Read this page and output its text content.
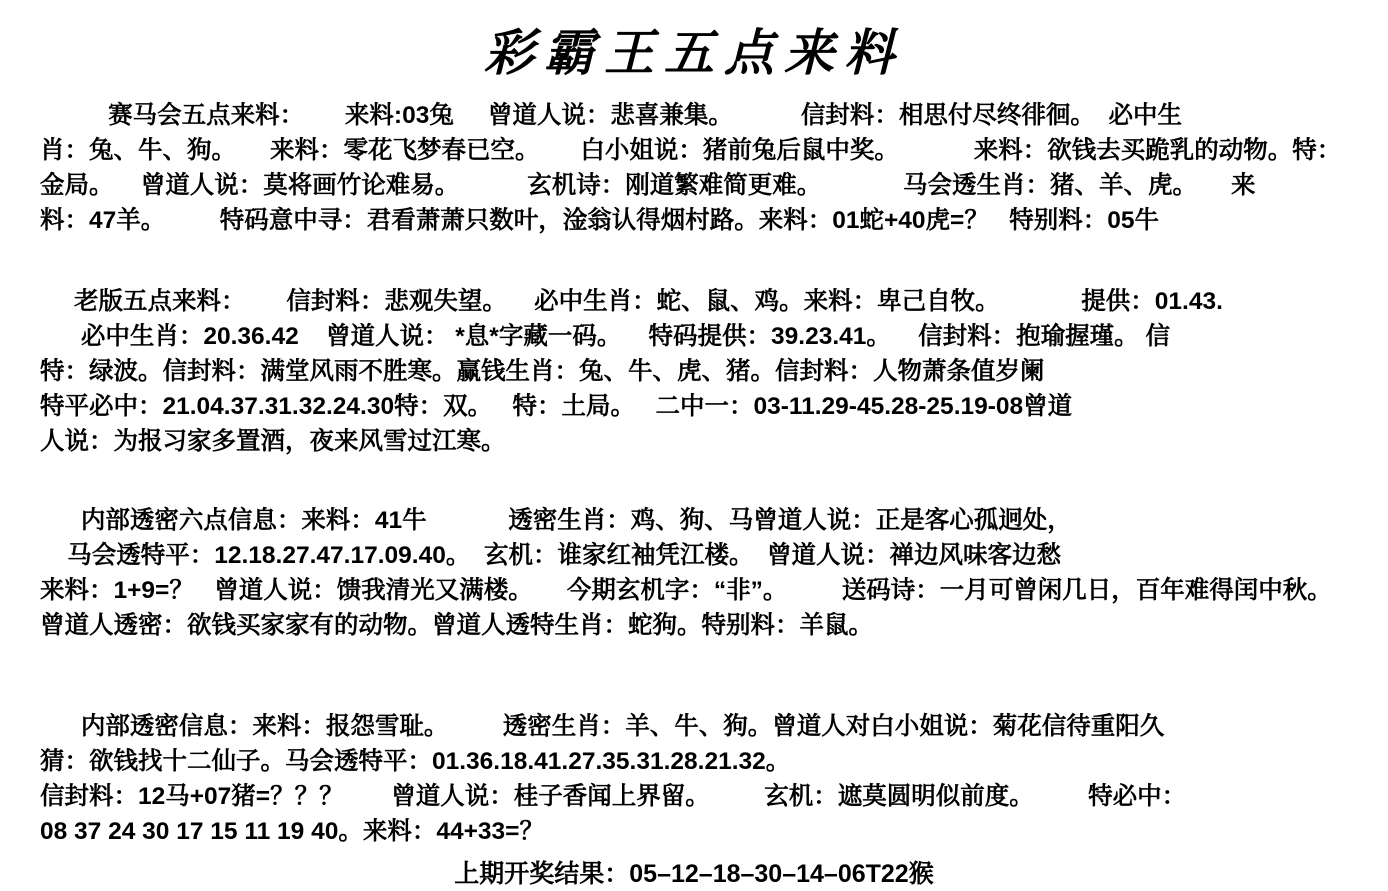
彩霸王五点来料

赛马会五点来料：      来料:03兔     曾道人说：悲喜兼集。          信封料：相思付尽终徘徊。  必中生

肖：兔、牛、狗。     来料：零花飞梦春已空。      白小姐说：猪前兔后鼠中奖。           来料：欲钱去买跪乳的动物。特：

金局。    曾道人说：莫将画竹论难易。          玄机诗：刚道繁难简更难。            马会透生肖：猪、羊、虎。     来

料：47羊。        特码意中寻：君看萧萧只数叶，淦翁认得烟村路。来料：01蛇+40虎=？   特别料：05牛

老版五点来料：      信封料：悲观失望。    必中生肖：蛇、鼠、鸡。来料：卑己自牧。            提供：01.43.

必中生肖：20.36.42    曾道人说： *息*字藏一码。    特码提供：39.23.41。    信封料：抱瑜握瑾。 信

特：绿波。信封料：满堂风雨不胜寒。赢钱生肖：兔、牛、虎、猪。信封料：人物萧条值岁阑

特平必中：21.04.37.31.32.24.30特：双。   特：土局。   二中一：03-11.29-45.28-25.19-08曾道

人说：为报习家多置酒，夜来风雪过江寒。

内部透密六点信息：来料：41牛            透密生肖：鸡、狗、马曾道人说：正是客心孤迥处，

马会透特平：12.18.27.47.17.09.40。  玄机：谁家红袖凭江楼。  曾道人说：禅边风味客边愁

来料：1+9=？   曾道人说：馈我清光又满楼。     今期玄机字：“非”。        送码诗：一月可曾闲几日，百年难得闰中秋。

曾道人透密：欲钱买家家有的动物。曾道人透特生肖：蛇狗。特别料：羊鼠。

内部透密信息：来料：报怨雪耻。        透密生肖：羊、牛、狗。曾道人对白小姐说：菊花信待重阳久

猜：欲钱找十二仙子。马会透特平：01.36.18.41.27.35.31.28.21.32。

信封料：12马+07猪=？？？       曾道人说：桂子香闻上界留。        玄机：遮莫圆明似前度。        特必中：

08 37 24 30 17 15 11 19 40。来料：44+33=？

上期开奖结果：05–12–18–30–14–06T22猴
